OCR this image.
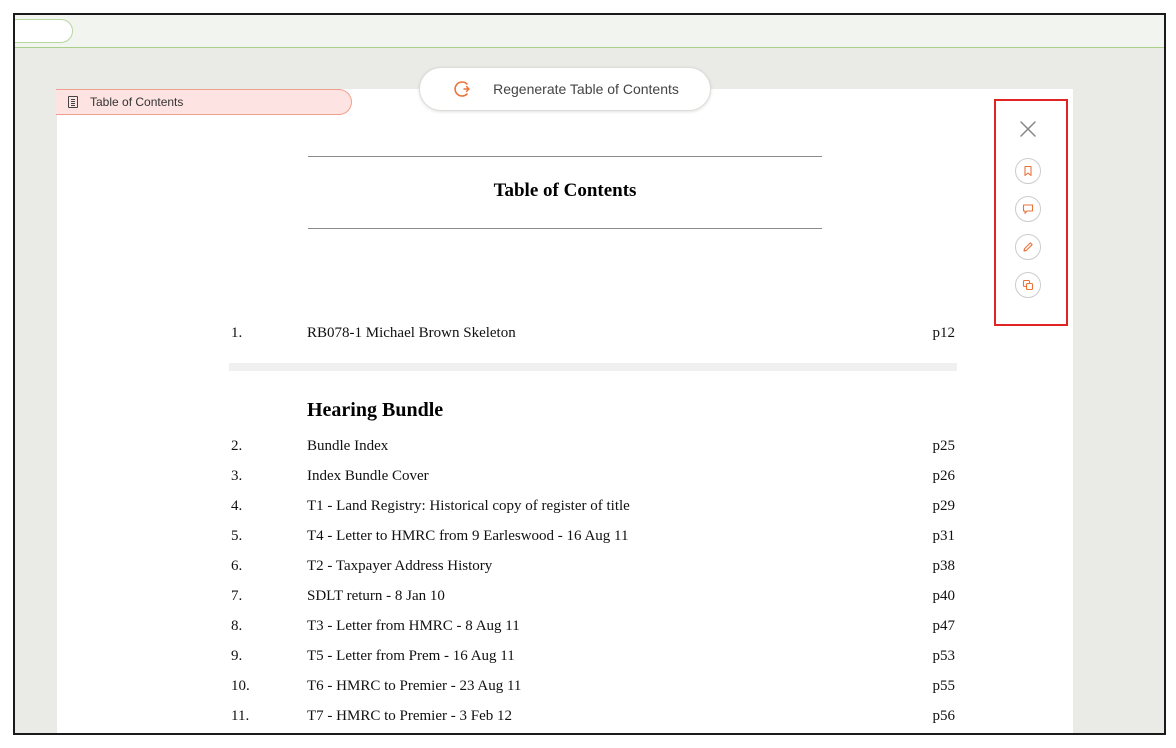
Table of Contents
Regenerate Table of Contents
Table of Contents
1.	RB078-1 Michael Brown Skeleton	p12
Hearing Bundle
2.	Bundle Index	p25
3.	Index Bundle Cover	p26
4.	T1 - Land Registry: Historical copy of register of title	p29
5.	T4 - Letter to HMRC from 9 Earleswood - 16 Aug 11	p31
6.	T2 - Taxpayer Address History	p38
7.	SDLT return - 8 Jan 10	p40
8.	T3 - Letter from HMRC - 8 Aug 11	p47
9.	T5 - Letter from Prem - 16 Aug 11	p53
10.	T6 - HMRC to Premier - 23 Aug 11	p55
11.	T7 - HMRC to Premier - 3 Feb 12	p56
